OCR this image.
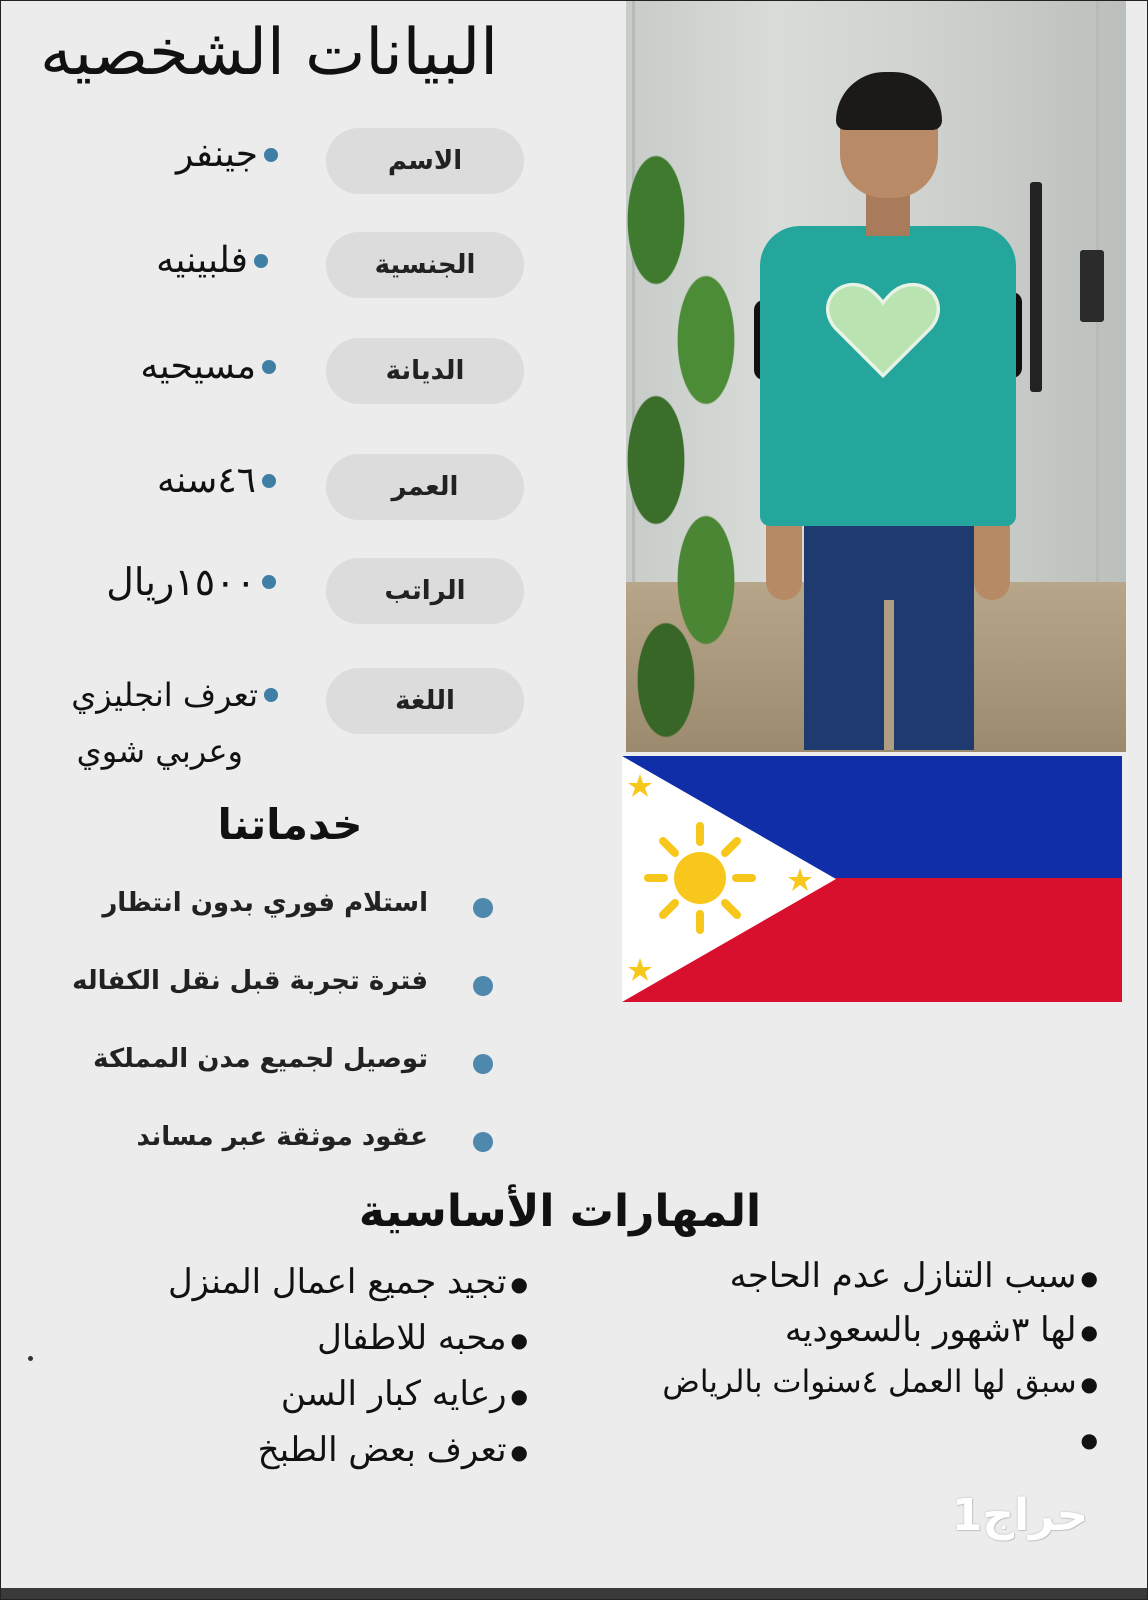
البيانات الشخصيه
الاسم
جينفر
الجنسية
فلبينيه
الديانة
مسيحيه
العمر
٤٦سنه
الراتب
١٥٠٠ريال
اللغة
تعرف انجليزي
وعربي شوي
خدماتنا
استلام فوري بدون انتظار
فترة تجربة قبل نقل الكفاله
توصيل لجميع مدن المملكة
عقود موثقة عبر مساند
المهارات الأساسية
●تجيد جميع اعمال المنزل
●محبه للاطفال
●رعايه كبار السن
●تعرف بعض الطبخ
●سبب التنازل عدم الحاجه
●لها ٣شهور بالسعوديه
●سبق لها العمل ٤سنوات بالرياض
●
حراج1
